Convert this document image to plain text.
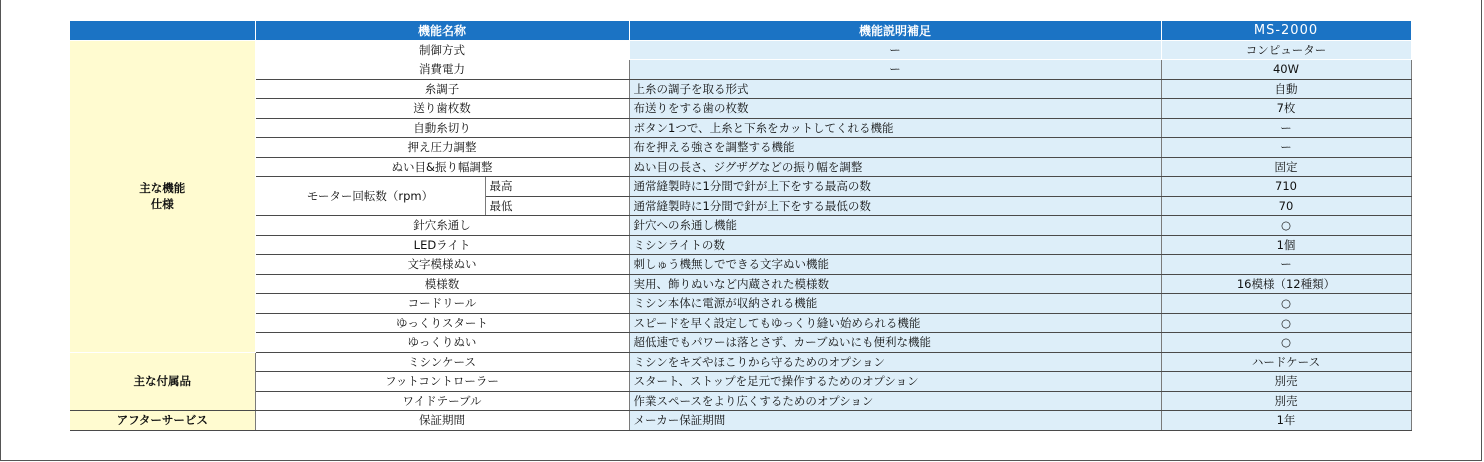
	機能名称		機能説明補足	MS-2000

主な機能
仕様	制御方式		ー	コンピューター
	消費電力		ー	40W
	糸調子		上糸の調子を取る形式	自動
	送り歯枚数		布送りをする歯の枚数	7枚
	自動糸切り		ボタン1つで、上糸と下糸をカットしてくれる機能	ー
	押え圧力調整		布を押える強さを調整する機能	ー
	ぬい目&振り幅調整		ぬい目の長さ、ジグザグなどの振り幅を調整	固定
	モーター回転数（rpm）	最高	通常縫製時に1分間で針が上下をする最高の数	710
		最低	通常縫製時に1分間で針が上下をする最低の数	70
	針穴糸通し		針穴への糸通し機能	○
	LEDライト		ミシンライトの数	1個
	文字模様ぬい		刺しゅう機無しでできる文字ぬい機能	ー
	模様数		実用、飾りぬいなど内蔵された模様数	16模様（12種類）
	コードリール		ミシン本体に電源が収納される機能	○
	ゆっくりスタート		スピードを早く設定してもゆっくり縫い始められる機能	○
	ゆっくりぬい		超低速でもパワーは落とさず、カーブぬいにも便利な機能	○
主な付属品	ミシンケース		ミシンをキズやほこりから守るためのオプション	ハードケース
	フットコントローラー		スタート、ストップを足元で操作するためのオプション	別売
	ワイドテーブル		作業スペースをより広くするためのオプション	別売
アフターサービス	保証期間		メーカー保証期間	1年
